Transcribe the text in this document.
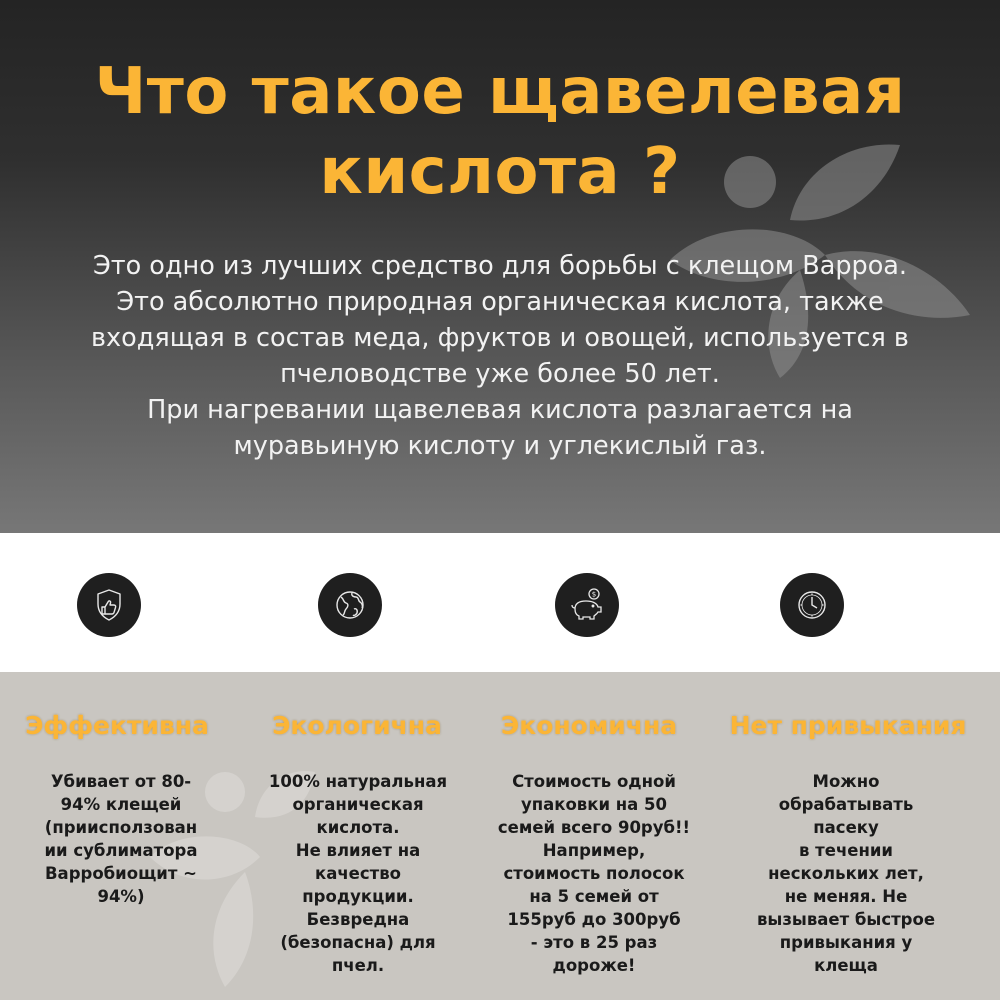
Что такое щавелевая
кислота ?
Это одно из лучших средство для борьбы с клещом Варроа.
Это абсолютно природная органическая кислота, также
входящая в состав меда, фруктов и овощей, используется в
пчеловодстве уже более 50 лет.
При нагревании щавелевая кислота разлагается на
муравьиную кислоту и углекислый газ.
$
Эффективна	Экологична	Экономична	Нет привыкания
Убивает от 80-
94% клещей
(приисползован
ии сублиматора
Варробиощит ~
94%)
100% натуральная
органическая
кислота.
Не влияет на
качество
продукции.
Безвредна
(безопасна) для
пчел.
Стоимость одной
упаковки на 50
семей всего 90руб!!
Например,
стоимость полосок
на 5 семей от
155руб до 300руб
- это в 25 раз
дороже!
Можно
обрабатывать
пасеку
в течении
нескольких лет,
не меняя. Не
вызывает быстрое
привыкания у
клеща
